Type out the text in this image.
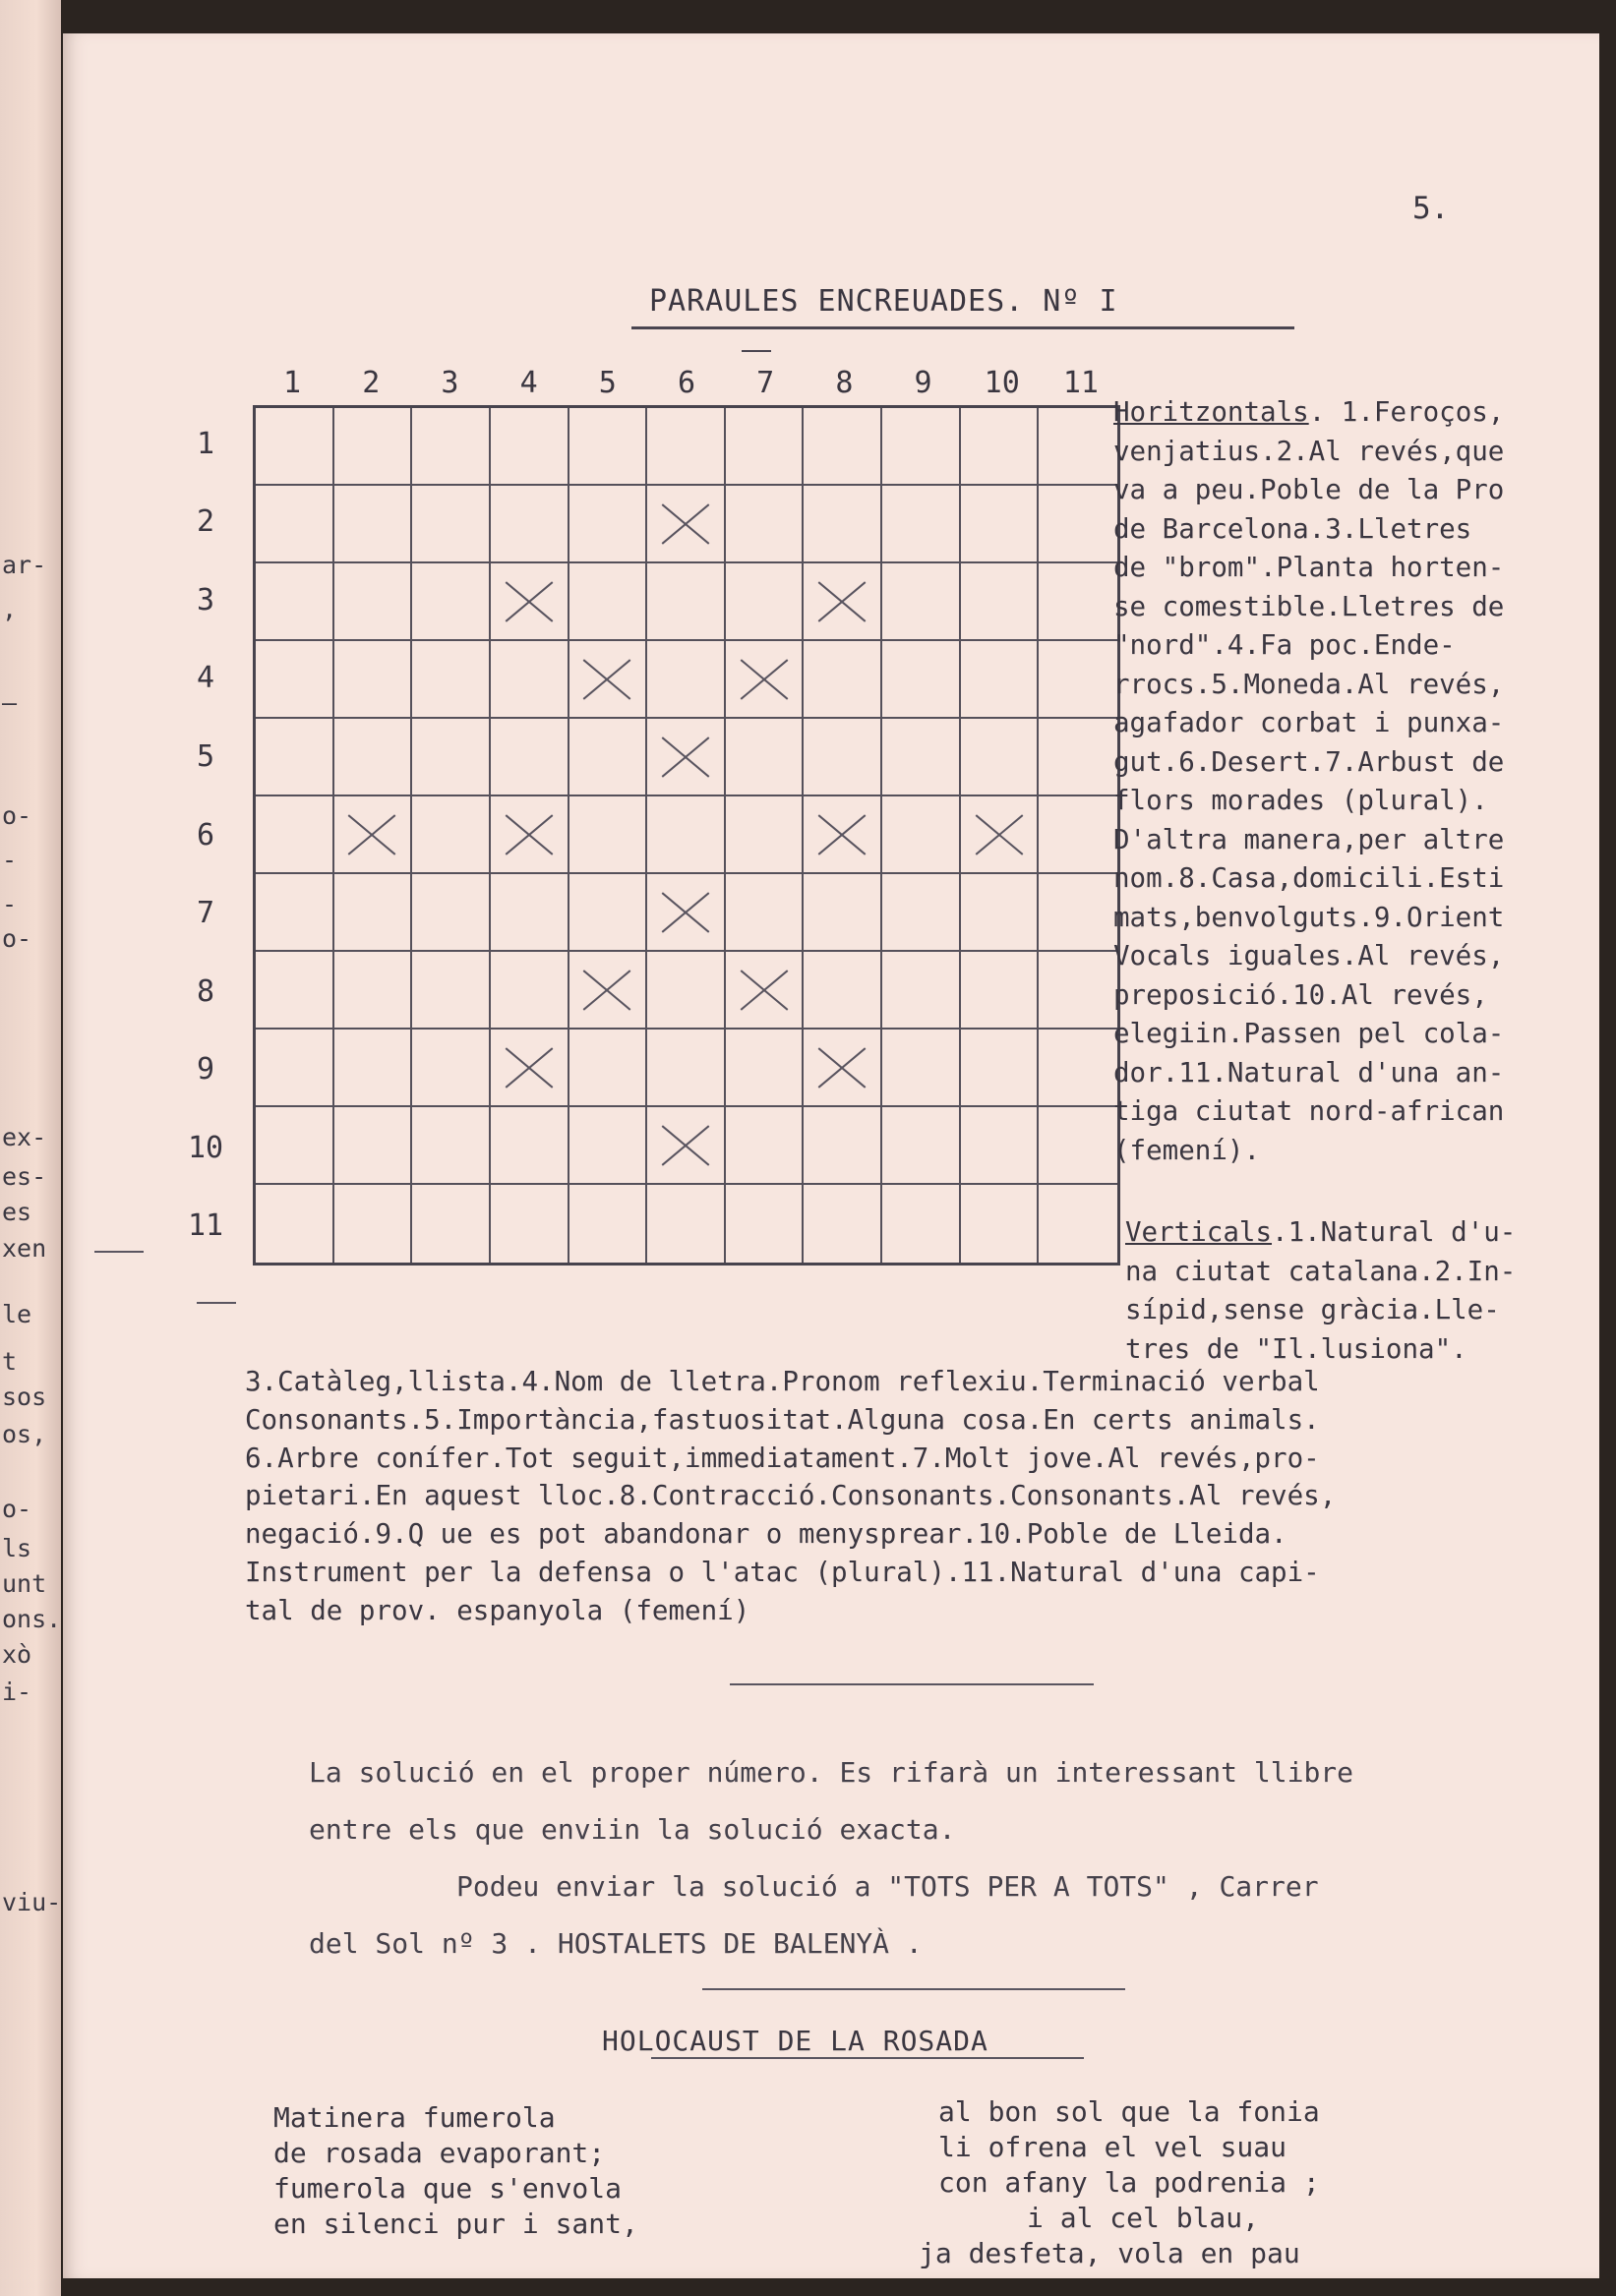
ar-
,
–
o-
-
-
o-
ex-
es-
es
xen
le
t
sos
os,
o-
ls
unt
ons.
xò
i-
viu-
5.
PARAULES ENCREUADES. Nº I
1	2	3	4	5	6	7	8	9	10 11
1
2
3
4
5
6
7
8
9
10
11
Horitzontals. 1.Feroços,
venjatius.2.Al revés,que
va a peu.Poble de la Pro
de Barcelona.3.Lletres
de "brom".Planta horten-
se comestible.Lletres de
"nord".4.Fa poc.Ende-
rrocs.5.Moneda.Al revés,
agafador corbat i punxa-
gut.6.Desert.7.Arbust de
flors morades (plural).
D'altra manera,per altre
nom.8.Casa,domicili.Esti
mats,benvolguts.9.Orient
Vocals iguales.Al revés,
preposició.10.Al revés,
elegiin.Passen pel cola-
dor.11.Natural d'una an-
tiga ciutat nord-african
(femení).
Verticals.1.Natural d'u-
na ciutat catalana.2.In-
sípid,sense gràcia.Lle-
tres de "Il.lusiona".
3.Catàleg,llista.4.Nom de lletra.Pronom reflexiu.Terminació verbal
Consonants.5.Importància,fastuositat.Alguna cosa.En certs animals.
6.Arbre conífer.Tot seguit,immediatament.7.Molt jove.Al revés,pro-
pietari.En aquest lloc.8.Contracció.Consonants.Consonants.Al revés,
negació.9.Q ue es pot abandonar o menysprear.10.Poble de Lleida.
Instrument per la defensa o l'atac (plural).11.Natural d'una capi-
tal de prov. espanyola (femení)
La solució en el proper número. Es rifarà un interessant llibre
entre els que enviin la solució exacta.
Podeu enviar la solució a "TOTS PER A TOTS" , Carrer
del Sol nº 3 . HOSTALETS DE BALENYÀ .
HOLOCAUST DE LA ROSADA
Matinera fumerola
de rosada evaporant;
fumerola que s'envola
en silenci pur i sant,
al bon sol que la fonia
li ofrena el vel suau
con afany la podrenia ;
i al cel blau,
ja desfeta, vola en pau
